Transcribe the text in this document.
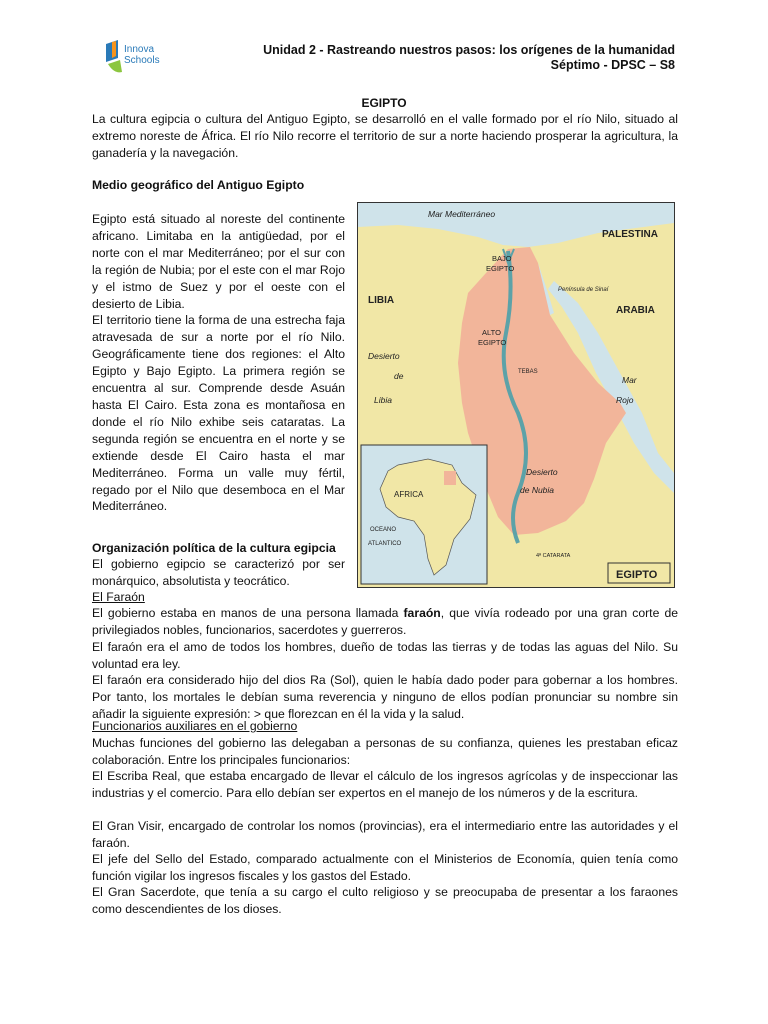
Innova
Schools
Unidad 2 - Rastreando nuestros pasos: los orígenes de la humanidad
Séptimo - DPSC – S8
EGIPTO
La cultura egipcia o cultura del Antiguo Egipto, se desarrolló en el valle formado por el río Nilo, situado al extremo noreste de África. El río Nilo recorre el territorio de sur a norte haciendo prosperar la agricultura, la ganadería y la navegación.
Medio geográfico del Antiguo Egipto
Egipto está situado al noreste del continente africano. Limitaba en la antigüedad, por el norte con el mar Mediterráneo; por el sur con la región de Nubia; por el este con el mar Rojo y el istmo de Suez y por el oeste con el desierto de Libia.
El territorio tiene la forma de una estrecha faja atravesada de sur a norte por el río Nilo. Geográficamente tiene dos regiones: el Alto Egipto y Bajo Egipto. La primera región se encuentra al sur. Comprende desde Asuán hasta El Cairo. Esta zona es montañosa en donde el río Nilo exhibe seis cataratas. La segunda región se encuentra en el norte y se extiende desde El Cairo hasta el mar Mediterráneo. Forma un valle muy fértil, regado por el Nilo que desemboca en el Mar Mediterráneo.
Mar Mediterráneo
PALESTINA
BAJO
EGIPTO
Península de Sinaí
LIBIA
ARABIA
ALTO
EGIPTO
Desierto
de
Libia
TEBAS
Mar
Rojo
Desierto
de Nubia
AFRICA
OCEANO
ATLANTICO
4ª CATARATA
EGIPTO
Organización política de la cultura egipcia
El gobierno egipcio se caracterizó por ser monárquico, absolutista y teocrático.
El Faraón
El gobierno estaba en manos de una persona llamada faraón, que vivía rodeado por una gran corte de privilegiados nobles, funcionarios, sacerdotes y guerreros.
El faraón era el amo de todos los hombres, dueño de todas las tierras y de todas las aguas del Nilo. Su voluntad era ley.
El faraón era considerado hijo del dios Ra (Sol), quien le había dado poder para gobernar a los hombres. Por tanto, los mortales le debían suma reverencia y ninguno de ellos podían pronunciar su nombre sin añadir la siguiente expresión: > que florezcan en él la vida y la salud.
Funcionarios auxiliares en el gobierno
Muchas funciones del gobierno las delegaban a personas de su confianza, quienes les prestaban eficaz colaboración. Entre los principales funcionarios:
El Escriba Real, que estaba encargado de llevar el cálculo de los ingresos agrícolas y de inspeccionar las industrias y el comercio. Para ello debían ser expertos en el manejo de los números y de la escritura.
El Gran Visir, encargado de controlar los nomos (provincias), era el intermediario entre las autoridades y el faraón.
El jefe del Sello del Estado, comparado actualmente con el Ministerios de Economía, quien tenía como función vigilar los ingresos fiscales y los gastos del Estado.
El Gran Sacerdote, que tenía a su cargo el culto religioso y se preocupaba de presentar a los faraones como descendientes de los dioses.
